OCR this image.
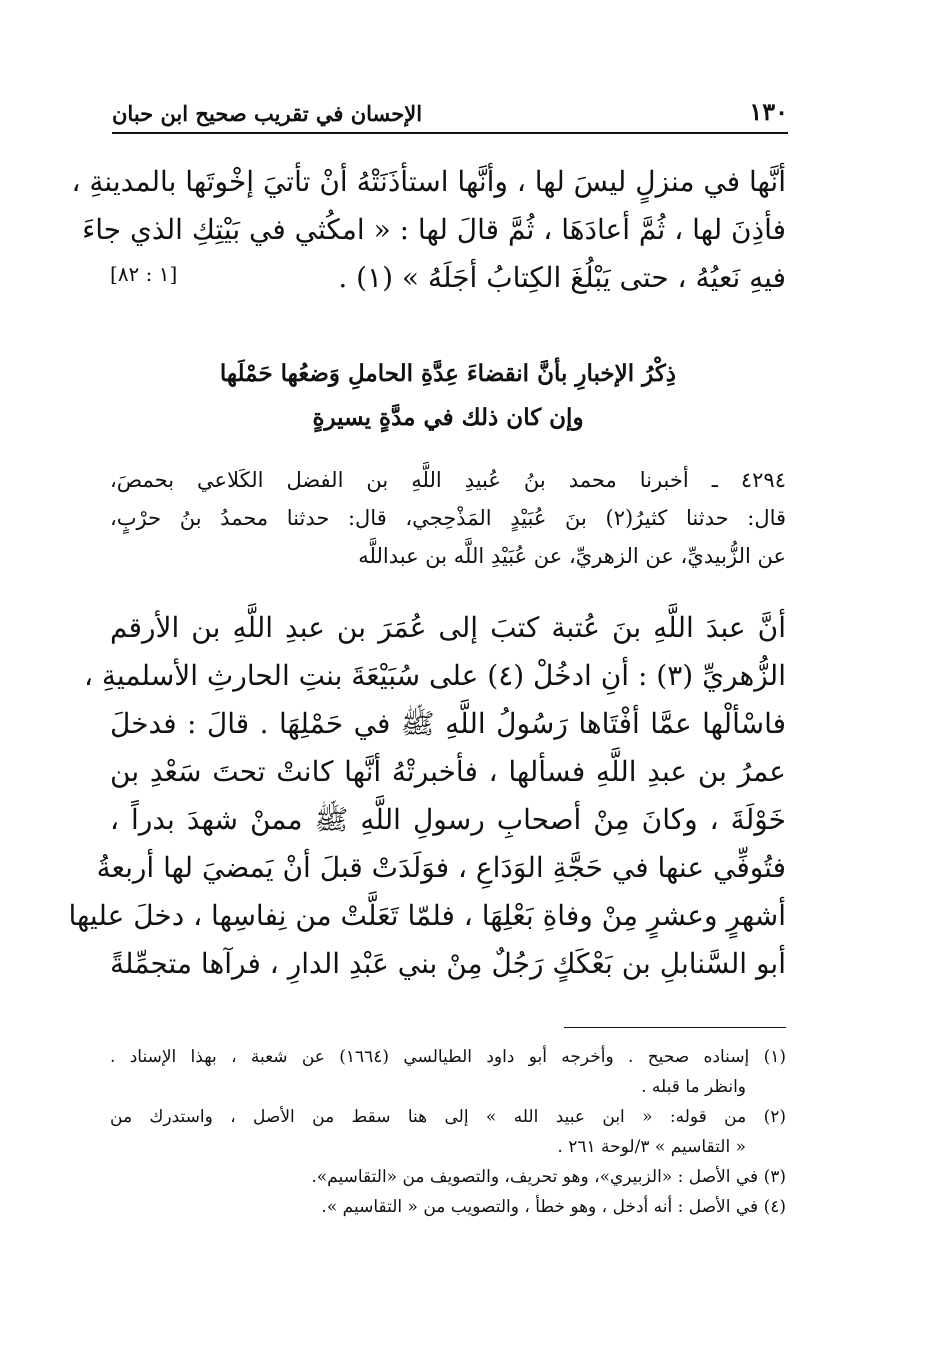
١٣٠
الإحسان في تقريب صحيح ابن حبان
أنَّها في منزلٍ ليسَ لها ، وأنَّها استأذَنَتْهُ أنْ تأتيَ إخْوتَها بالمدينةِ ،
فأذِنَ لها ، ثُمَّ أعادَهَا ، ثُمَّ قالَ لها : « امكُثي في بَيْتِكِ الذي جاءَ
فيهِ نَعيُهُ ، حتى يَبْلُغَ الكِتابُ أجَلَهُ » (١) .
[١ : ٨٢]
ذِكْرُ الإخبارِ بأنَّ انقضاءَ عِدَّةِ الحاملِ وَضعُها حَمْلَها
وإن كان ذلك في مدَّةٍ يسيرةٍ
٤٢٩٤ ـ أخبرنا محمد بنُ عُبيدِ اللَّهِ بن الفضل الكَلاعي بحمصَ،
قال: حدثنا كثيرُ(٢) بنَ عُبَيْدٍ المَذْحِجي، قال: حدثنا محمدُ بنُ حرْبٍ،
عن الزُّبيديِّ، عن الزهريِّ، عن عُبَيْدِ اللَّه بن عبداللَّه
أنَّ عبدَ اللَّهِ بنَ عُتبة كتبَ إلى عُمَرَ بن عبدِ اللَّهِ بن الأرقم
الزُّهريِّ (٣) : أنِ ادخُلْ (٤) على سُبَيْعَةَ بنتِ الحارثِ الأسلميةِ ،
فاسْألْها عمَّا أفْتَاها رَسُولُ اللَّهِ ﷺ في حَمْلِهَا . قالَ : فدخلَ
عمرُ بن عبدِ اللَّهِ فسألها ، فأخبرتْهُ أنَّها كانتْ تحتَ سَعْدِ بن
خَوْلَةَ ، وكانَ مِنْ أصحابِ رسولِ اللَّهِ ﷺ ممنْ شهدَ بدراً ،
فتُوفِّي عنها في حَجَّةِ الوَدَاعِ ، فوَلَدَتْ قبلَ أنْ يَمضيَ لها أربعةُ
أشهرٍ وعشرٍ مِنْ وفاةِ بَعْلِهَا ، فلمّا تَعَلَّتْ من نِفاسِها ، دخلَ عليها
أبو السَّنابلِ بن بَعْكَكٍ رَجُلٌ مِنْ بني عَبْدِ الدارِ ، فرآها متجمِّلةً
(١) إسناده صحيح . وأخرجه أبو داود الطيالسي (١٦٦٤) عن شعبة ، بهذا الإسناد .
وانظر ما قبله .
(٢) من قوله: « ابن عبيد الله » إلى هنا سقط من الأصل ، واستدرك من
« التقاسيم » ٣/لوحة ٢٦١ .
(٣) في الأصل : «الزبيري»، وهو تحريف، والتصويف من «التقاسيم».
(٤) في الأصل : أنه أدخل ، وهو خطأ ، والتصويب من « التقاسيم ».
